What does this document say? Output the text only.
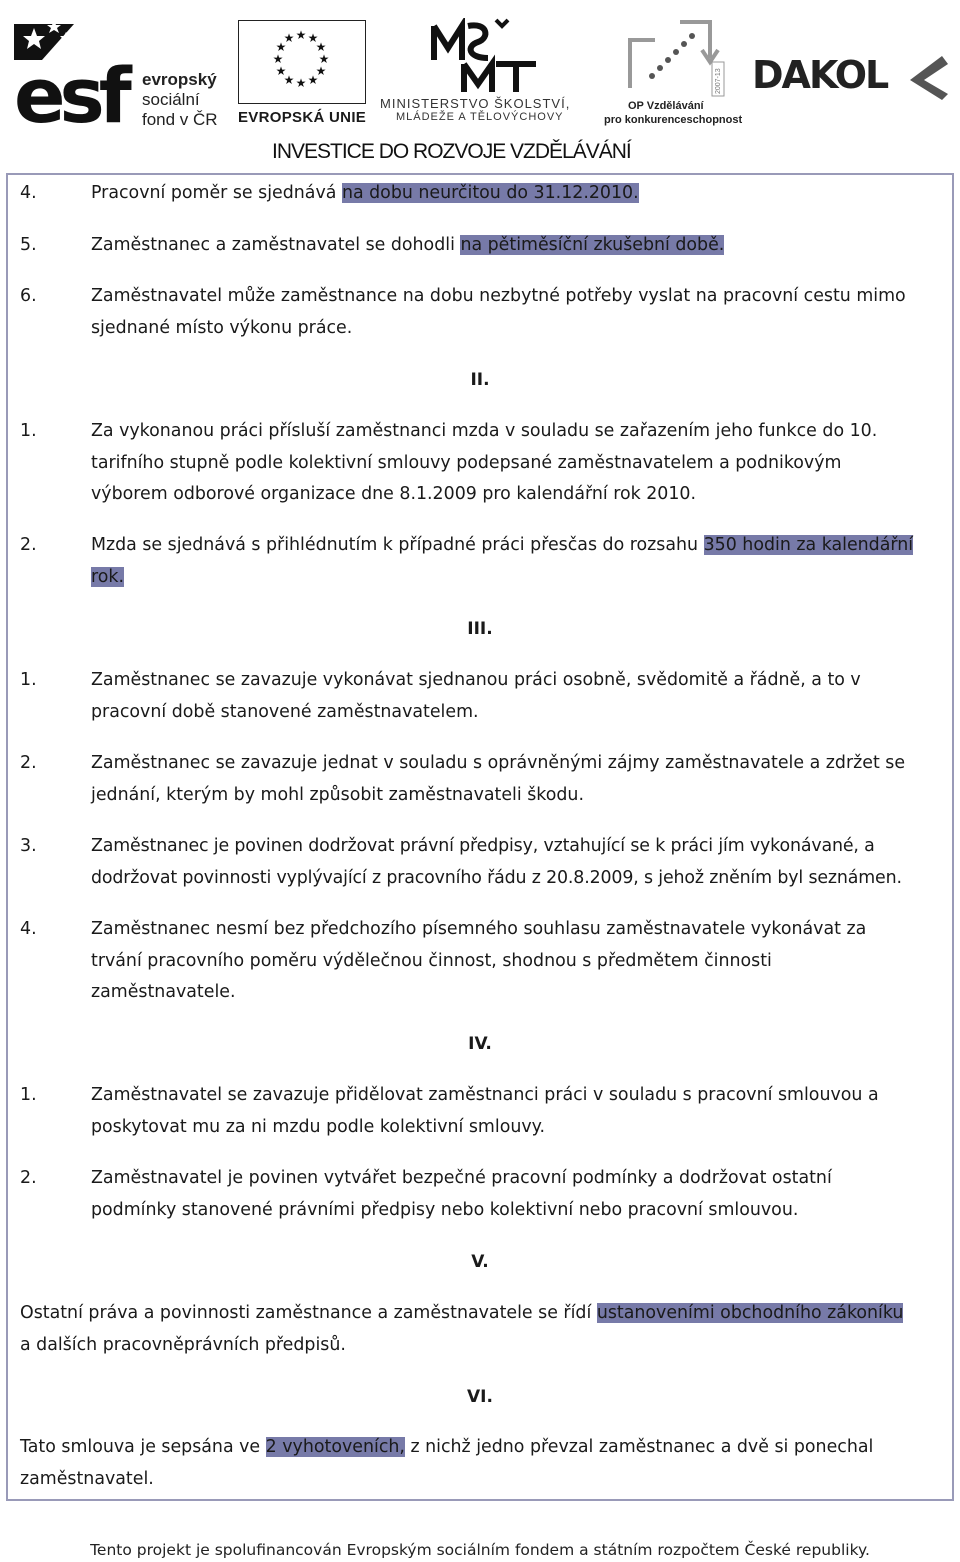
esf evropský
sociální
fond v ČR
★ ★
★
★
★
★
★
★
★
★
★
★
EVROPSKÁ UNIE
MINISTERSTVO ŠKOLSTVÍ,
MLÁDEŽE A TĚLOVÝCHOVY
2007-13
OP Vzdělávání
pro konkurenceschopnost
DAKOL
INVESTICE DO ROZVOJE VZDĚLÁVÁNÍ
4.	Pracovní poměr se sjednává na dobu neurčitou do 31.12.2010.
5.	Zaměstnanec a zaměstnavatel se dohodli na pětiměsíční zkušební době.
6.	Zaměstnavatel může zaměstnance na dobu nezbytné potřeby vyslat na pracovní cestu mimo
sjednané místo výkonu práce.
II.
1.	Za vykonanou práci přísluší zaměstnanci mzda v souladu se zařazením jeho funkce do 10.
tarifního stupně podle kolektivní smlouvy podepsané zaměstnavatelem a podnikovým
výborem odborové organizace dne 8.1.2009 pro kalendářní rok 2010.
2.	Mzda se sjednává s přihlédnutím k případné práci přesčas do rozsahu 350 hodin za kalendářní
rok.
III.
1.	Zaměstnanec se zavazuje vykonávat sjednanou práci osobně, svědomitě a řádně, a to v
pracovní době stanovené zaměstnavatelem.
2.	Zaměstnanec se zavazuje jednat v souladu s oprávněnými zájmy zaměstnavatele a zdržet se
jednání, kterým by mohl způsobit zaměstnavateli škodu.
3.	Zaměstnanec je povinen dodržovat právní předpisy, vztahující se k práci jím vykonávané, a
dodržovat povinnosti vyplývající z pracovního řádu z 20.8.2009, s jehož zněním byl seznámen.
4.	Zaměstnanec nesmí bez předchozího písemného souhlasu zaměstnavatele vykonávat za
trvání pracovního poměru výdělečnou činnost, shodnou s předmětem činnosti
zaměstnavatele.
IV.
1.	Zaměstnavatel se zavazuje přidělovat zaměstnanci práci v souladu s pracovní smlouvou a
poskytovat mu za ni mzdu podle kolektivní smlouvy.
2.	Zaměstnavatel je povinen vytvářet bezpečné pracovní podmínky a dodržovat ostatní
podmínky stanovené právními předpisy nebo kolektivní nebo pracovní smlouvou.
V.
Ostatní práva a povinnosti zaměstnance a zaměstnavatele se řídí ustanoveními obchodního zákoníku
a dalších pracovněprávních předpisů.
VI.
Tato smlouva je sepsána ve 2 vyhotoveních, z nichž jedno převzal zaměstnanec a dvě si ponechal
zaměstnavatel.
Tento projekt je spolufinancován Evropským sociálním fondem a státním rozpočtem České republiky.
